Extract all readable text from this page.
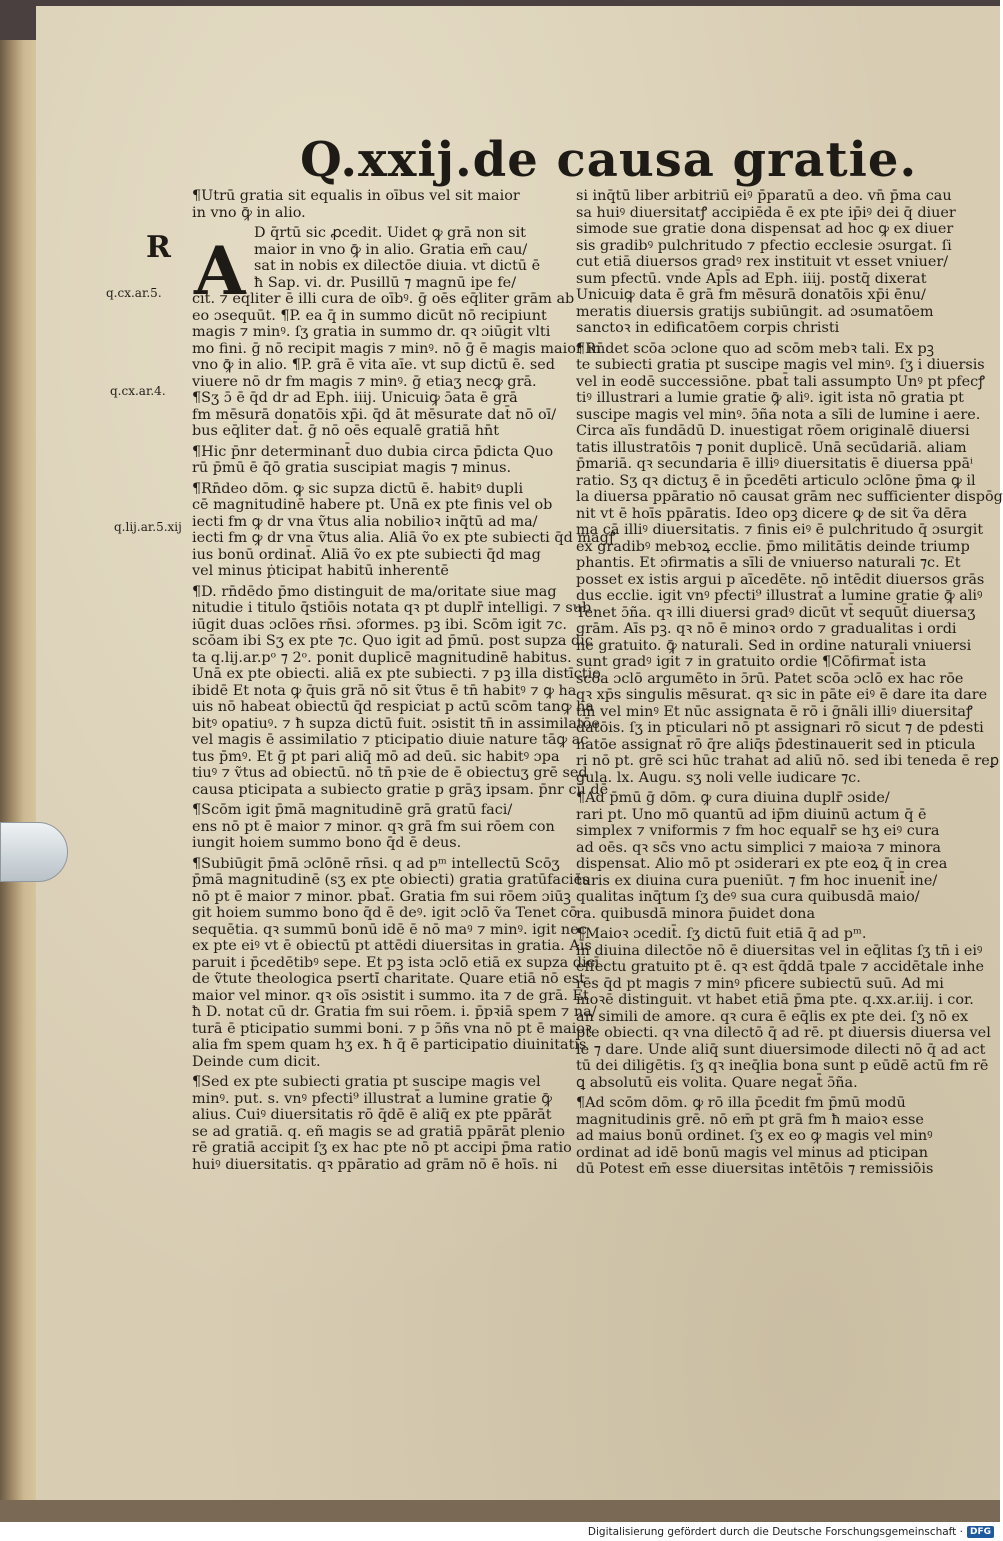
Q.xxij.de causa gratie.

R A
q.cx.ar.5.
q.cx.ar.4.
q.lij.ar.5.xij
¶Utrū gratia sit equalis in oībus vel sit maior
in vno ꝙ̄ in alio.
D q̄rtū sic ꝓcedit. Uidet ꝙ grā non sit
maior in vno ꝙ̄ in alio. Gratia em̄ cau/
sat in nobis ex dilectōe diuia. vt dictū ē
ħ Sap. vi. dr. Pusillū ⁊ magnū ipe fe/
cit. ⁊ eq̄liter ē illi cura de oībꝰ. ḡ oēs eq̄liter grām ab
eo ɔsequūt. ¶P. ea q̄ in summo dicūt nō recipiunt
magis ⁊ minꝰ. ſʒ gratia in summo dr. qꝛ ɔiūgit vlti
mo fini. ḡ nō recipit magis ⁊ minꝰ. nō ḡ ē magis maior in
vno ꝙ̄ in alio. ¶P. grā ē vita aīe. vt sup dictū ē. sed
viuere nō dr fm magis ⁊ minꝰ. ḡ etiaʒ necꝙ grā.
¶Sʒ ɔ̄ ē q̄d dr ad Eph. iiij. Unicuiꝙ ɔ̄ata ē grā
fm mēsurā donatōis xp̄i. q̄d āt mēsurate dat̄ nō oī/
bus eq̄liter dat̄. ḡ nō oēs equalē gratiā hn̄t
¶Hic p̄nr determinant̄ duo dubia circa p̄dicta Quo
rū p̄mū ē q̄ō gratia suscipiat magis ⁊ minus.
¶Rn̄deo dōm. ꝙ sic supza dictū ē. habitꝰ dupli
cē magnitudinē habere pt. Unā ex pte finis vel ob
iecti fm ꝙ dr vna ṽtus alia nobilioꝛ inq̄tū ad ma/
iecti fm ꝙ dr vna ṽtus alia. Aliā ṽo ex pte subiecti q̄d magꝭ
ius bonū ordinat̄. Aliā ṽo ex pte subiecti q̄d mag
vel minus ṗticipat habitū inherentē
¶D. rn̄dēdo p̄mo distinguit de ma/oritate siue mag
nitudie i titulo q̄stiōis notata qꝛ pt duplr̄ intelligi. ⁊ sub
iūgit duas ɔclōes rn̄si. ɔformes. pꝫ ibi. Scōm igit ⁊c.
scōam ibi Sʒ ex pte ⁊c. Quo igit ad p̄mū. post supza dic
ta q.lij.ar.pᵒ ⁊ 2ᵒ. ponit duplicē magnitudinē habitus.
Unā ex pte obiecti. aliā ex pte subiecti. ⁊ pꝫ illa distīctio
ibidē Et nota ꝙ q̄uis grā nō sit ṽtus ē tn̄ habitꝰ ⁊ ꝙ ha
uis nō habeat obiectū q̄d respiciat p actū scōm tanꝙ ha
bitꝰ opatiuꝰ. ⁊ ħ supza dictū fuit. ɔsistit tn̄ in assimilatōe
vel magis ē assimilatio ⁊ pticipatio diuie nature tāꝙ ac
tus p̄mꝰ. Et ḡ pt pari aliq̄ mō ad deū. sic habitꝰ ɔpa
tiuꝰ ⁊ ṽtus ad obiectū. nō tn̄ pꝛie de ē obiectuʒ grē sed
causa pticipata a subiecto gratie p grāʒ ipsam. p̄nr cū dē
¶Scōm igit p̄mā magnitudinē grā gratū faci/
ens nō pt ē maior ⁊ minor. qꝛ grā fm sui rōem con
iungit hoiem summo bono q̄d ē deus.
¶Subiūgit p̄mā ɔclōnē rn̄si. q ad pᵐ intellectū Scōʒ
p̄mā magnitudinē (sʒ ex pte obiecti) gratia gratūfaciēs
nō pt ē maior ⁊ minor. pbat̄. Gratia fm sui rōem ɔiūꝫ
git hoiem summo bono q̄d ē deꝰ. igit ɔclō ṽa Tenet cō
sequētia. qꝛ summū bonū idē ē nō maꝰ ⁊ minꝰ. igit nec
ex pte eiꝰ vt ē obiectū pt attēdi diuersitas in gratia. Aīs
paruit i p̄cedētibꝰ sepe. Et pꝫ ista ɔclō etiā ex supza dicī
de ṽtute theologica pserti̇̄ charitate. Quare etiā nō est
maior vel minor. qꝛ oīs ɔsistit i summo. ita ⁊ de grā. Et
ħ D. notat cū dr. Gratia fm sui rōem. i. p̄pꝛiā spem ⁊ na/
turā ē pticipatio summi boni. ⁊ p ɔ̄ñs vna nō pt ē maioꝛ
alia fm spem quam hʒ ex. ħ q̄ ē participatio diuinitatis
Deinde cum dicit.
¶Sed ex pte subiecti gratia pt suscipe magis vel
minꝰ. put. s. vnꝰ pfecti⁹ illustrat̄ a lumine gratie ꝙ̄
alius. Cuiꝰ diuersitatis rō q̄dē ē aliq̄ ex pte ppārāt
se ad gratiā. q. eñ magis se ad gratiā ppārāt plenio
rē gratiā accipit ſʒ ex hac pte nō pt accipi p̄ma ratio
huiꝰ diuersitatis. qꝛ ppāratio ad grām nō ē hoīs. ni
si inq̄tū liber arbitriū eiꝰ p̄paratū a deo. vn̄ p̄ma cau
sa huiꝰ diuersitatꝭ accipiēda ē ex pte ip̄iꝰ dei q̄ diuer
simode sue gratie dona dispensat ad hoc ꝙ ex diuer
sis gradibꝰ pulchritudo ⁊ pfectio ecclesie ɔsurgat. ſi
cut etiā diuersos gradꝰ rex instituit vt esset vniuer/
sum pfectū. vnde Apl̄s ad Eph. iiij. postq̄ dixerat
Unicuiꝙ data ē grā fm mēsurā donatōis xp̄i ēnu/
meratis diuersis gratijs subiūngit. ad ɔsumatōem
sanctoꝛ in edificatōem corpis christi
¶Rn̄det scōa ɔclone quo ad scōm mebꝛ tali. Ex pꝫ
te subiecti gratia pt suscipe magis vel minꝰ. ſʒ i diuersis
vel in eodē successiōne. pbat̄ tali assumpto Unꝰ pt pfecꝭ
tiꝰ illustrari a lumie gratie ꝙ̄ aliꝰ. igit ista nō gratia pt
suscipe magis vel minꝰ. ɔ̄ña nota a sīli de lumine i aere.
Circa aīs fundādū D. inuestigat rōem originalē diuersi
tatis illustratōis ⁊ ponit duplicē. Unā secūdariā. aliam
p̄mariā. qꝛ secundaria ē illiꝰ diuersitatis ē diuersa ppāⁱ
ratio. Sʒ qꝛ dictuʒ ē in p̄cedēti articulo ɔclōne p̄ma ꝙ il
la diuersa ppāratio nō causat grām nec sufficienter dispōg
nit vt ē hoīs ppāratis. Ideo opꝫ dicere ꝙ de̶ sit ṽa dēra
ma cā illiꝰ diuersitatis. ⁊ finis eiꝰ ē pulchritudo q̄ ɔsurgit
ex gradibꝰ mebꝛoꝝ ecclie. p̄mo militātis deinde triump
phantis. Et ɔfirmatis a sīli de vniuerso naturali ⁊c. Et
posset ex istis argui p aīcedēte. nō intēdit diuersos grās
dus ecclie. igit vnꝰ pfecti⁹ illustrat̄ a lumine gratie ꝙ̄ aliꝰ
Tenet ɔ̄ña. qꝛ illi diuersi gradꝰ dicūt vt̄ sequūt̄ diuersaʒ
grām. Aīs pꝫ. qꝛ nō ē minoꝛ ordo ⁊ gradualitas i ordi
ne gratuito. ꝙ̄ naturali. Sed in ordine naturali vniuersi
sunt gradꝰ igit ⁊ in gratuito ordie ¶Cōfirmat̄ ista
scōa ɔclō argumēto in ɔ̄rū. Patet scōa ɔclō ex hac rōe
qꝛ xp̄s singulis mēsurat. qꝛ sic in pāte eiꝰ ē dare ita dare
tm̄ vel minꝰ Et nūc assignata ē rō i ḡnāli illiꝰ diuersitaꝭ
datōis. ſʒ in pticulari nō pt assignari rō sicut ⁊ de pdesti
natōe assignat̄ rō q̄re aliq̄s p̄destinauerit sed in pticula
ri nō pt. grē sci hūc trahat ad aliū nō. sed ibi teneda ē reꝑ
gula. lx. Augu. sʒ noli velle iudicare ⁊c.
¶Ad p̄mū ḡ dōm. ꝙ cura diuina duplr̄ ɔside/
rari pt. Uno mō quantū ad ip̄m diuinū actum q̄ ē
simplex ⁊ vniformis ⁊ fm hoc equalr̄ se hʒ eiꝰ cura
ad oēs. qꝛ sc̄s vno actu simplici ⁊ maioꝛa ⁊ minora
dispensat. Alio mō pt ɔsiderari ex pte eoꝝ q̄ in crea
turis ex diuina cura pueniūt. ⁊ fm hoc inuenit̄ ine/
qualitas inq̄tum ſʒ deꝰ sua cura quibusdā maio/
ra. quibusdā minora p̄uidet dona
¶Maioꝛ ɔcedit̄. ſʒ dictū fuit etiā q̄ ad pᵐ.
in diuina dilectōe nō ē diuersitas vel in eq̄litas ſʒ tn̄ i eiꝰ
effectu gratuito pt ē. qꝛ est q̄ddā tpale ⁊ accidētale inhe
rēs q̄d pt magis ⁊ minꝰ pficere subiectū suū. Ad mi
moꝛē distinguit. vt habet etiā p̄ma pte. q.xx.ar.iij. i cor.
an simili de amore. qꝛ cura ē eq̄lis ex pte dei. ſʒ nō ex
pte obiecti. qꝛ vna dilectō q̄ ad rē. pt diuersis diuersa vel
le ⁊ dare. Unde aliq̄ sunt diuersimode dilecti nō q̄ ad act
tū dei diligētis. ſʒ qꝛ ineq̄lia bona sunt p eūdē actū fm rē
ꝗ absolutū eis volita. Quare negat̄ ɔ̄ña.
¶Ad scōm dōm. ꝙ rō illa p̄cedit fm p̄mū modū
magnitudinis grē. nō em̄ pt grā fm ħ maioꝛ esse
ad maius bonū ordinet. ſʒ ex eo ꝙ magis vel minꝰ
ordinat ad idē bonū magis vel minus ad pticipan
dū Potest em̄ esse diuersitas intētōis ⁊ remissiōis
Digitalisierung gefördert durch die Deutsche Forschungsgemeinschaft · DFG
